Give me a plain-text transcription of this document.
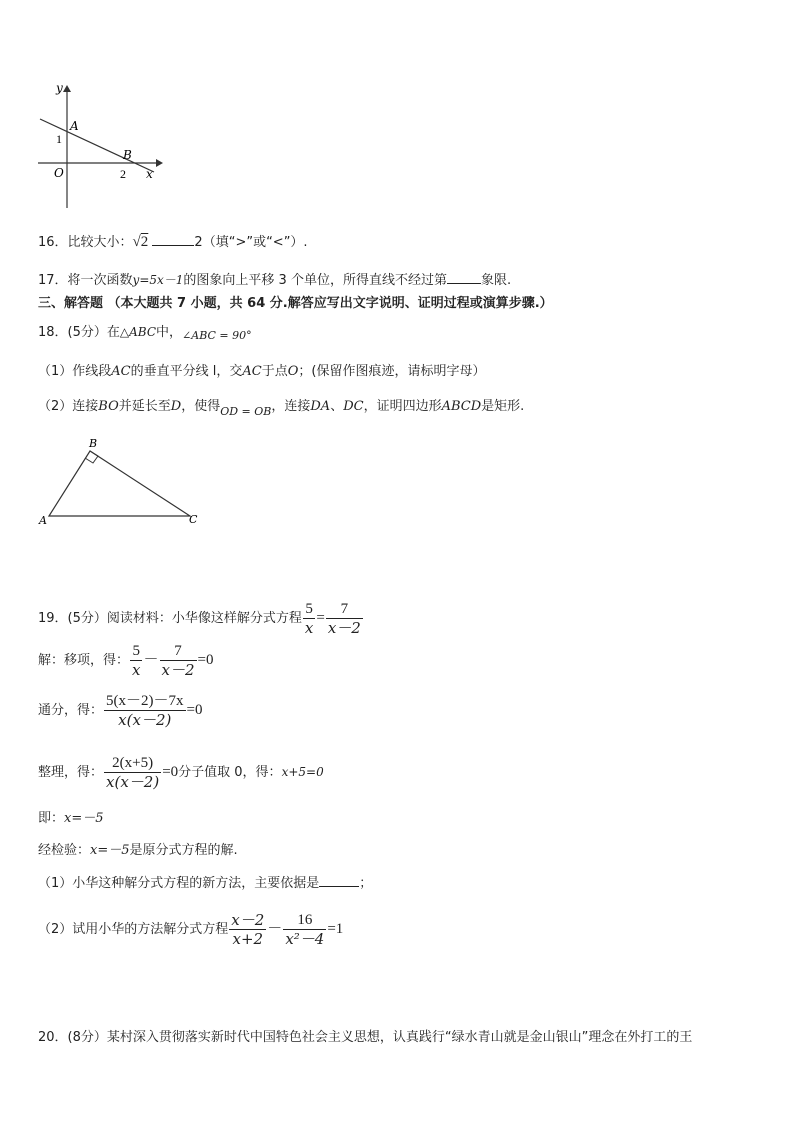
y
x
A
B
O
1
2
16．比较大小：√2	2（填“>”或“<”）.
17．将一次函数y=5x－1的图象向上平移 3 个单位，所得直线不经过第	象限.
三、解答题 （本大题共 7 小题，共 64 分.解答应写出文字说明、证明过程或演算步骤.）
18．(5分）在△ABC中，$_{\angle ABC = 90^\circ}$
（1）作线段AC的垂直平分线 l，交AC于点O；(保留作图痕迹，请标明字母）
（2）连接BO并延长至D，使得$_{OD = OB}$，连接DA、DC，证明四边形ABCD是矩形.
A
B
C
19．(5分）阅读材料：小华像这样解分式方程 $\frac{5}{x} = \frac{7}{x-2}$
解：移项，得： $\frac{5}{x} - \frac{7}{x-2} =0$
通分，得： $\frac{5(x-2)-7x}{x(x-2)} =0$
整理，得： $\frac{2(x+5)}{x(x-2)} =0$分子值取 0，得：x+5=0
即：x=－5
经检验：x=－5是原分式方程的解.
（1）小华这种解分式方程的新方法，主要依据是	；
（2）试用小华的方法解分式方程 $\frac{x-2}{x+2} - \frac{16}{\text{x²－4}} =1$
20．(8分）某村深入贯彻落实新时代中国特色社会主义思想，认真践行“绿水青山就是金山银山”理念在外打工的王
